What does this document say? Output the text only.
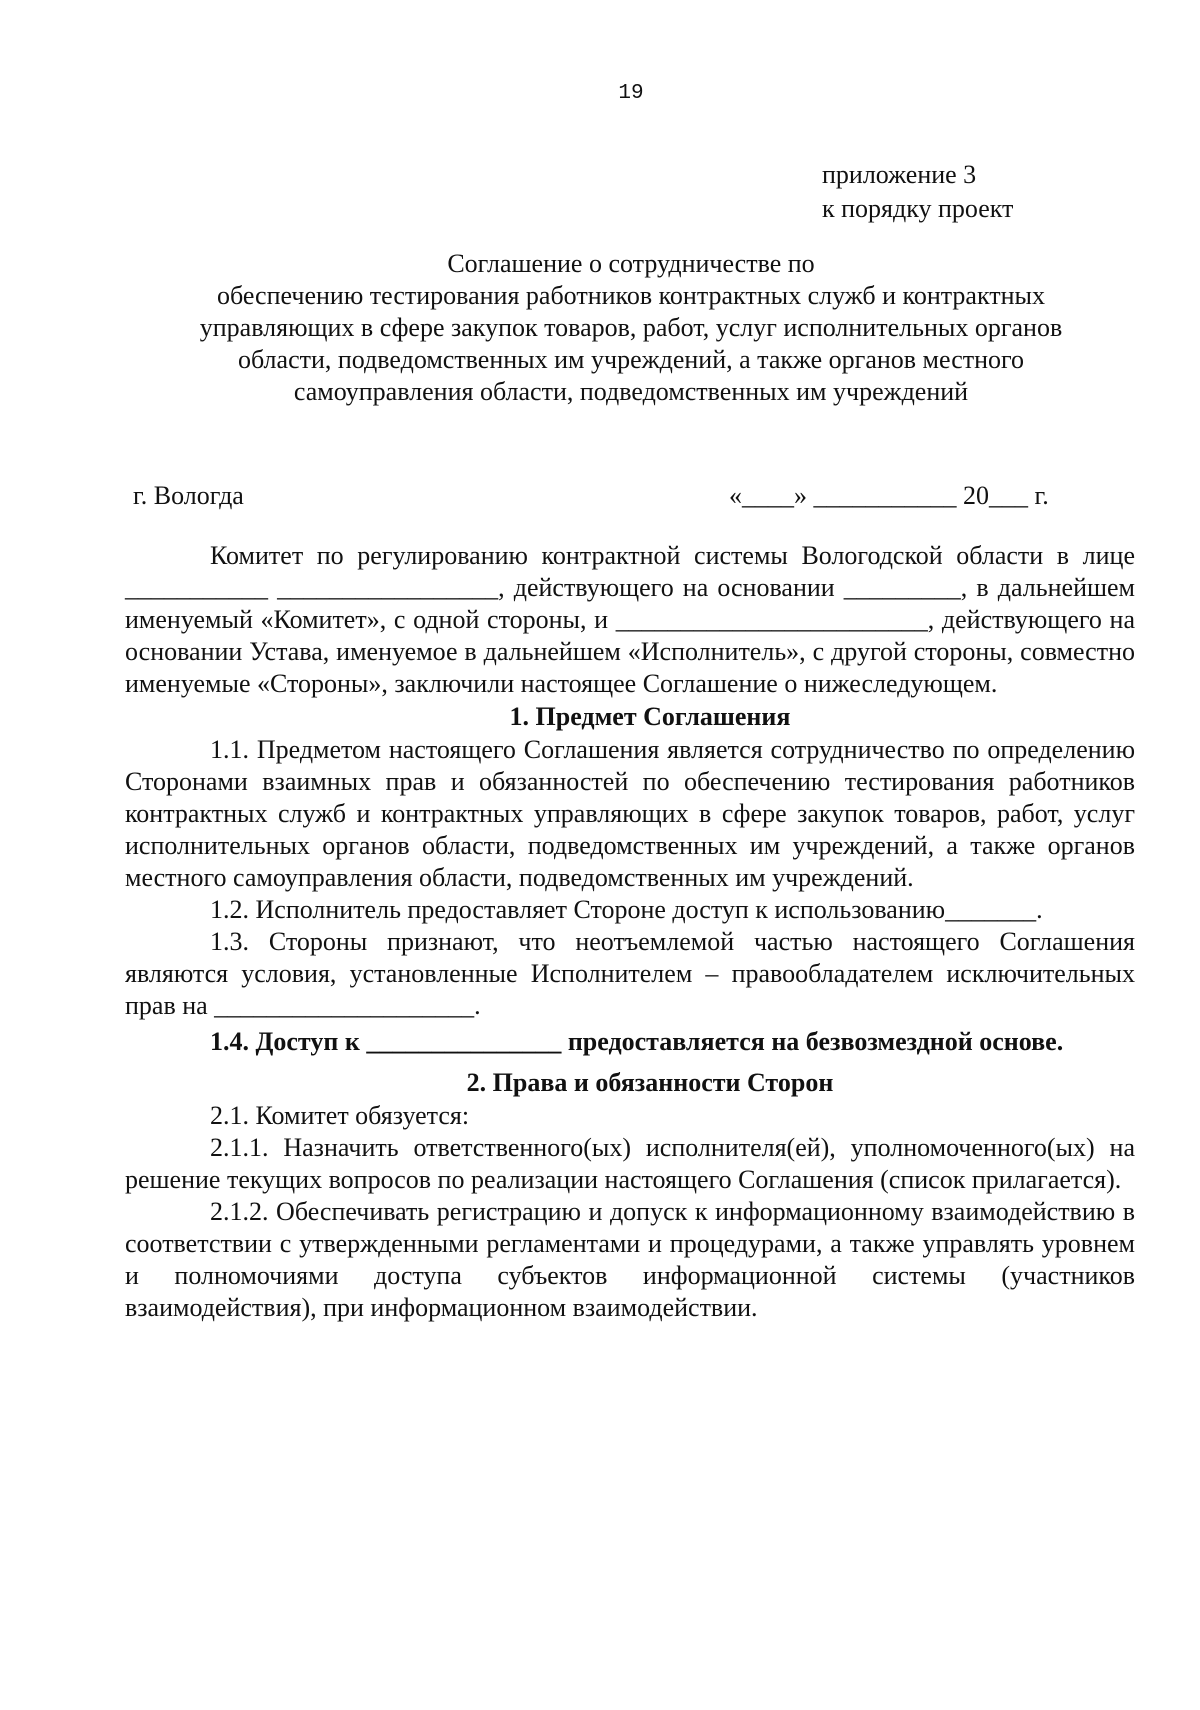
19
приложение 3
к порядку проект
Соглашение о сотрудничестве по
обеспечению тестирования работников контрактных служб и контрактных
управляющих в сфере закупок товаров, работ, услуг исполнительных органов
области, подведомственных им учреждений, а также органов местного
самоуправления области, подведомственных им учреждений
г. Вологда	«____» ___________ 20___ г.
Комитет по регулированию контрактной системы Вологодской области в лице ___________ _________________, действующего на основании _________, в дальнейшем именуемый «Комитет», с одной стороны, и ________________________, действующего на основании Устава, именуемое в дальнейшем «Исполнитель», с другой стороны, совместно именуемые «Стороны», заключили настоящее Соглашение о нижеследующем.
1. Предмет Соглашения
1.1. Предметом настоящего Соглашения является сотрудничество по определению Сторонами взаимных прав и обязанностей по обеспечению тестирования работников контрактных служб и контрактных управляющих в сфере закупок товаров, работ, услуг исполнительных органов области, подведомственных им учреждений, а также органов местного самоуправления области, подведомственных им учреждений.
1.2. Исполнитель предоставляет Стороне доступ к использованию_______.
1.3. Стороны признают, что неотъемлемой частью настоящего Соглашения являются условия, установленные Исполнителем – правообладателем исключительных прав на ____________________.
1.4. Доступ к _______________ предоставляется на безвозмездной основе.
2. Права и обязанности Сторон
2.1. Комитет обязуется:
2.1.1. Назначить ответственного(ых) исполнителя(ей), уполномоченного(ых) на решение текущих вопросов по реализации настоящего Соглашения (список прилагается).
2.1.2. Обеспечивать регистрацию и допуск к информационному взаимодействию в соответствии с утвержденными регламентами и процедурами, а также управлять уровнем и полномочиями доступа субъектов информационной системы (участников взаимодействия), при информационном взаимодействии.
